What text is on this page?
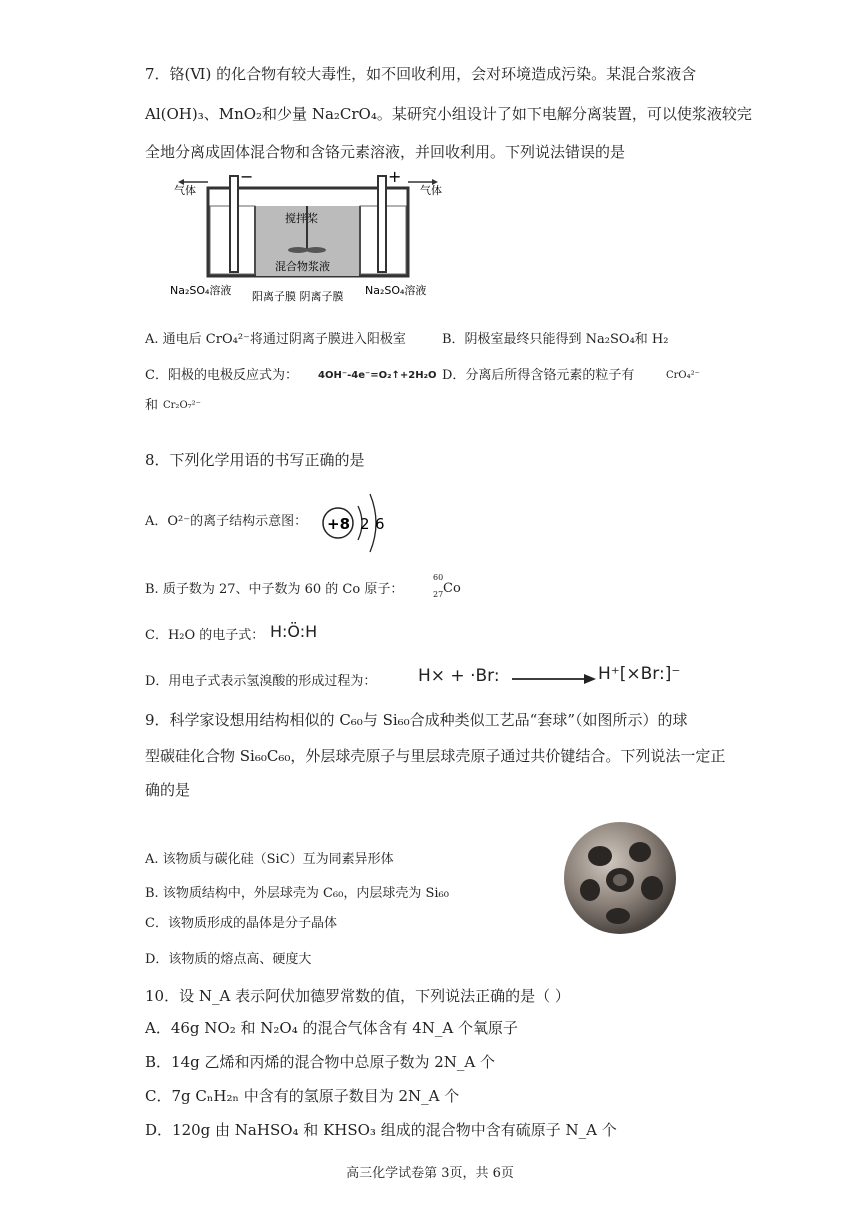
7．铬(Ⅵ) 的化合物有较大毒性，如不回收利用，会对环境造成污染。某混合浆液含
Al(OH)₃、MnO₂和少量 Na₂CrO₄。某研究小组设计了如下电解分离装置，可以使浆液较完
全地分离成固体混合物和含铬元素溶液，并回收利用。下列说法错误的是
气体	气体
−	+
搅拌桨
混合物浆液
Na₂SO₄溶液	Na₂SO₄溶液
阳离子膜 阴离子膜
A. 通电后 CrO₄²⁻将通过阴离子膜进入阳极室	B．阴极室最终只能得到 Na₂SO₄和 H₂
C．阳极的电极反应式为： 4OH⁻-4e⁻=O₂↑+2H₂O D．分离后所得含铬元素的粒子有	CrO₄²⁻
和 Cr₂O₇²⁻
8．下列化学用语的书写正确的是
A．O²⁻的离子结构示意图： +8 2 6
B. 质子数为 27、中子数为 60 的 Co 原子：
60
27 Co
C．H₂O 的电子式： H:Ö:H
D．用电子式表示氢溴酸的形成过程为： H× + ·Br:	H⁺[×Br:]⁻
9．科学家设想用结构相似的 C₆₀与 Si₆₀合成种类似工艺品“套球”（如图所示）的球
型碳硅化合物 Si₆₀C₆₀，外层球壳原子与里层球壳原子通过共价键结合。下列说法一定正
确的是
A. 该物质与碳化硅（SiC）互为同素异形体
B. 该物质结构中，外层球壳为 C₆₀，内层球壳为 Si₆₀
C．该物质形成的晶体是分子晶体
D．该物质的熔点高、硬度大
10．设 N_A 表示阿伏加德罗常数的值，下列说法正确的是（ ）
A．46g NO₂ 和 N₂O₄ 的混合气体含有 4N_A 个氧原子
B．14g 乙烯和丙烯的混合物中总原子数为 2N_A 个
C．7g CₙH₂ₙ 中含有的氢原子数目为 2N_A 个
D．120g 由 NaHSO₄ 和 KHSO₃ 组成的混合物中含有硫原子 N_A 个
高三化学试卷第 3页，共 6页
